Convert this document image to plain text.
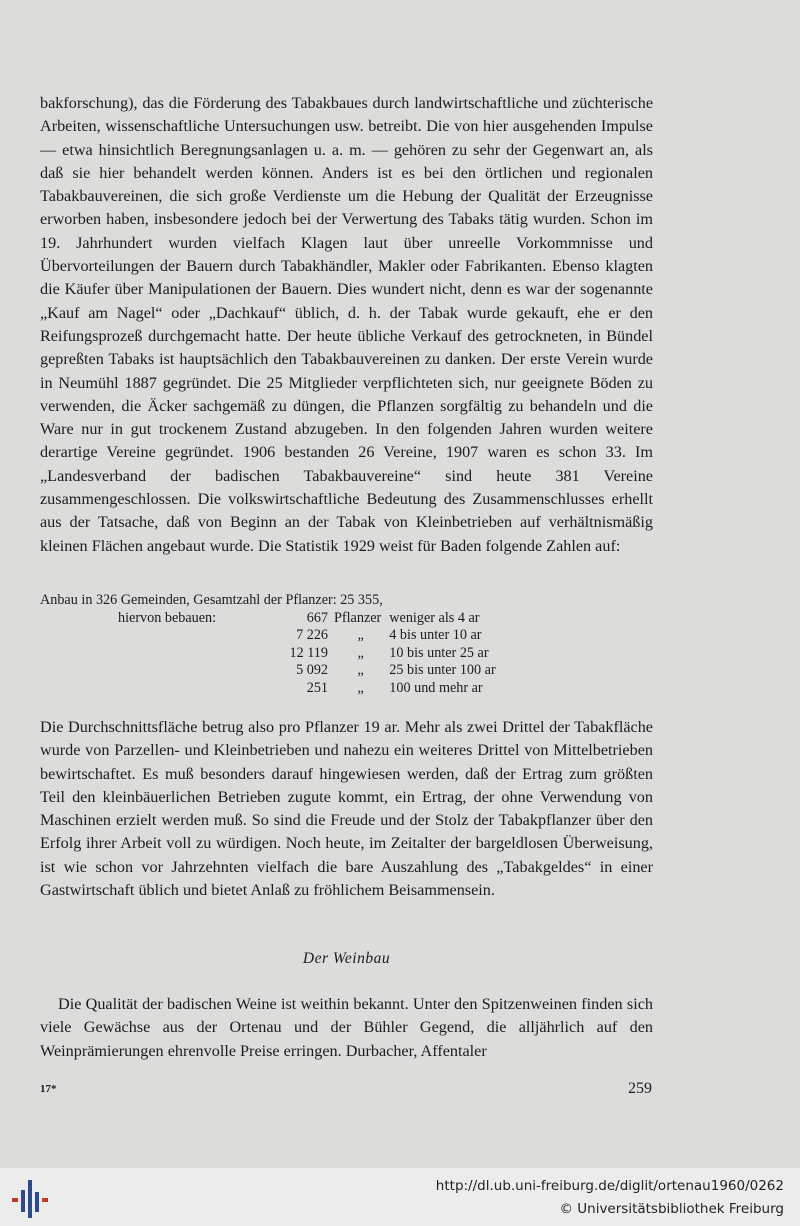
bakforschung), das die Förderung des Tabakbaues durch landwirtschaftliche und züchterische Arbeiten, wissenschaftliche Untersuchungen usw. betreibt. Die von hier ausgehenden Impulse — etwa hinsichtlich Beregnungsanlagen u. a. m. — gehören zu sehr der Gegenwart an, als daß sie hier behandelt werden können. Anders ist es bei den örtlichen und regionalen Tabakbauvereinen, die sich große Verdienste um die Hebung der Qualität der Erzeugnisse erworben haben, insbesondere jedoch bei der Verwertung des Tabaks tätig wurden. Schon im 19. Jahrhundert wurden vielfach Klagen laut über unreelle Vorkommnisse und Übervorteilungen der Bauern durch Tabakhändler, Makler oder Fabrikanten. Ebenso klagten die Käufer über Manipulationen der Bauern. Dies wundert nicht, denn es war der sogenannte „Kauf am Nagel“ oder „Dachkauf“ üblich, d. h. der Tabak wurde gekauft, ehe er den Reifungsprozeß durchgemacht hatte. Der heute übliche Verkauf des getrockneten, in Bündel gepreßten Tabaks ist hauptsächlich den Tabakbauvereinen zu danken. Der erste Verein wurde in Neumühl 1887 gegründet. Die 25 Mitglieder verpflichteten sich, nur geeignete Böden zu verwenden, die Äcker sachgemäß zu düngen, die Pflanzen sorgfältig zu behandeln und die Ware nur in gut trockenem Zustand abzugeben. In den folgenden Jahren wurden weitere derartige Vereine gegründet. 1906 bestanden 26 Vereine, 1907 waren es schon 33. Im „Landesverband der badischen Tabakbauvereine“ sind heute 381 Vereine zusammengeschlossen. Die volkswirtschaftliche Bedeutung des Zusammenschlusses erhellt aus der Tatsache, daß von Beginn an der Tabak von Kleinbetrieben auf verhältnismäßig kleinen Flächen angebaut wurde. Die Statistik 1929 weist für Baden folgende Zahlen auf:

Anbau in 326 Gemeinden, Gesamtzahl der Pflanzer: 25 355,
hiervon bebauen:	667	Pflanzer	weniger als 4 ar
	7 226	„	4 bis unter 10 ar
	12 119	„	10 bis unter 25 ar
	5 092	„	25 bis unter 100 ar
	251	„	100 und mehr ar

Die Durchschnittsfläche betrug also pro Pflanzer 19 ar. Mehr als zwei Drittel der Tabakfläche wurde von Parzellen- und Kleinbetrieben und nahezu ein weiteres Drittel von Mittelbetrieben bewirtschaftet. Es muß besonders darauf hingewiesen werden, daß der Ertrag zum größten Teil den kleinbäuerlichen Betrieben zugute kommt, ein Ertrag, der ohne Verwendung von Maschinen erzielt werden muß. So sind die Freude und der Stolz der Tabakpflanzer über den Erfolg ihrer Arbeit voll zu würdigen. Noch heute, im Zeitalter der bargeldlosen Überweisung, ist wie schon vor Jahrzehnten vielfach die bare Auszahlung des „Tabakgeldes“ in einer Gastwirtschaft üblich und bietet Anlaß zu fröhlichem Beisammensein.

Der Weinbau

Die Qualität der badischen Weine ist weithin bekannt. Unter den Spitzenweinen finden sich viele Gewächse aus der Ortenau und der Bühler Gegend, die alljährlich auf den Weinprämierungen ehrenvolle Preise erringen. Durbacher, Affentaler

17*	259
http://dl.ub.uni-freiburg.de/diglit/ortenau1960/0262
© Universitätsbibliothek Freiburg
